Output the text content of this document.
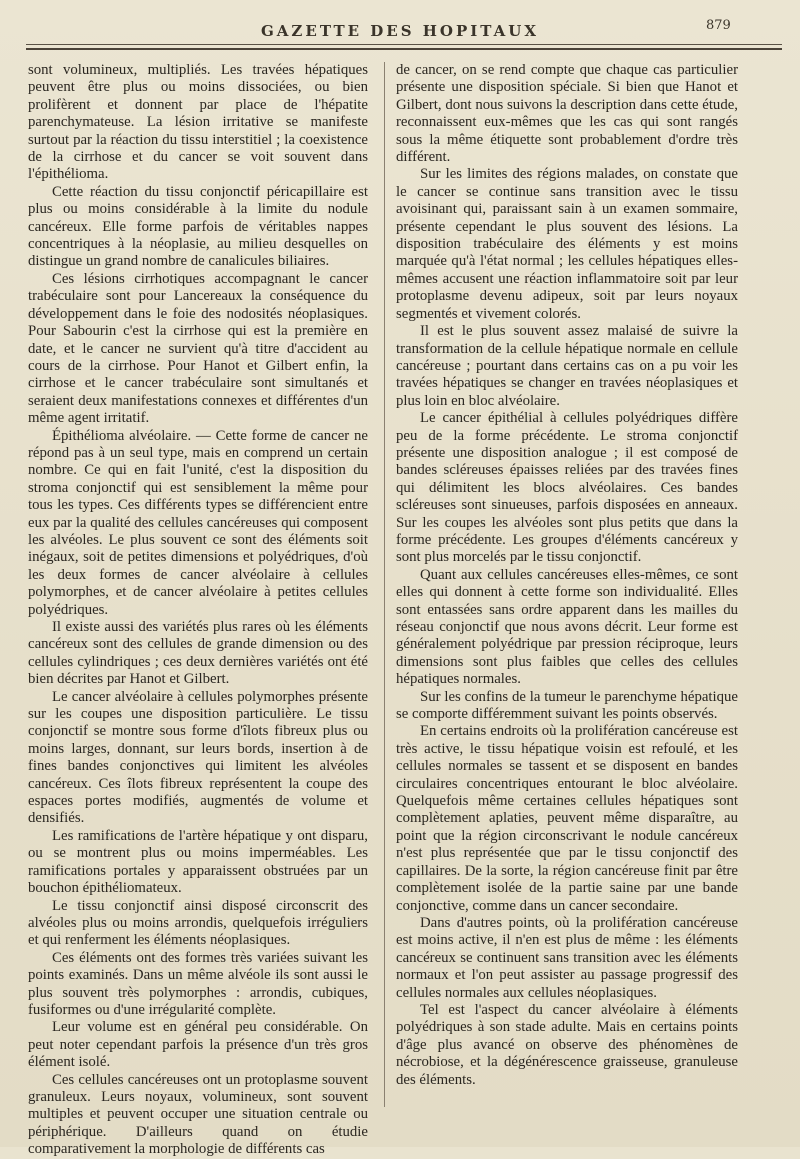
GAZETTE DES HOPITAUX	879

sont volumineux, multipliés. Les travées hépatiques peuvent être plus ou moins dissociées, ou bien prolifèrent et donnent par place de l'hépatite parenchymateuse. La lésion irritative se manifeste surtout par la réaction du tissu interstitiel ; la coexistence de la cirrhose et du cancer se voit souvent dans l'épithélioma.

Cette réaction du tissu conjonctif péricapillaire est plus ou moins considérable à la limite du nodule cancéreux. Elle forme parfois de véritables nappes concentriques à la néoplasie, au milieu desquelles on distingue un grand nombre de canalicules biliaires.

Ces lésions cirrhotiques accompagnant le cancer trabéculaire sont pour Lancereaux la conséquence du développement dans le foie des nodosités néoplasiques. Pour Sabourin c'est la cirrhose qui est la première en date, et le cancer ne survient qu'à titre d'accident au cours de la cirrhose. Pour Hanot et Gilbert enfin, la cirrhose et le cancer trabéculaire sont simultanés et seraient deux manifestations connexes et différentes d'un même agent irritatif.

Épithélioma alvéolaire. — Cette forme de cancer ne répond pas à un seul type, mais en comprend un certain nombre. Ce qui en fait l'unité, c'est la disposition du stroma conjonctif qui est sensiblement la même pour tous les types. Ces différents types se différencient entre eux par la qualité des cellules cancéreuses qui composent les alvéoles. Le plus souvent ce sont des éléments soit inégaux, soit de petites dimensions et polyédriques, d'où les deux formes de cancer alvéolaire à cellules polymorphes, et de cancer alvéolaire à petites cellules polyédriques.

Il existe aussi des variétés plus rares où les éléments cancéreux sont des cellules de grande dimension ou des cellules cylindriques ; ces deux dernières variétés ont été bien décrites par Hanot et Gilbert.

Le cancer alvéolaire à cellules polymorphes présente sur les coupes une disposition particulière. Le tissu conjonctif se montre sous forme d'îlots fibreux plus ou moins larges, donnant, sur leurs bords, insertion à de fines bandes conjonctives qui limitent les alvéoles cancéreux. Ces îlots fibreux représentent la coupe des espaces portes modifiés, augmentés de volume et densifiés.

Les ramifications de l'artère hépatique y ont disparu, ou se montrent plus ou moins imperméables. Les ramifications portales y apparaissent obstruées par un bouchon épithéliomateux.

Le tissu conjonctif ainsi disposé circonscrit des alvéoles plus ou moins arrondis, quelquefois irréguliers et qui renferment les éléments néoplasiques.

Ces éléments ont des formes très variées suivant les points examinés. Dans un même alvéole ils sont aussi le plus souvent très polymorphes : arrondis, cubiques, fusiformes ou d'une irrégularité complète.

Leur volume est en général peu considérable. On peut noter cependant parfois la présence d'un très gros élément isolé.

Ces cellules cancéreuses ont un protoplasme souvent granuleux. Leurs noyaux, volumineux, sont souvent multiples et peuvent occuper une situation centrale ou périphérique. D'ailleurs quand on étudie comparativement la morphologie de différents cas

de cancer, on se rend compte que chaque cas particulier présente une disposition spéciale. Si bien que Hanot et Gilbert, dont nous suivons la description dans cette étude, reconnaissent eux-mêmes que les cas qui sont rangés sous la même étiquette sont probablement d'ordre très différent.

Sur les limites des régions malades, on constate que le cancer se continue sans transition avec le tissu avoisinant qui, paraissant sain à un examen sommaire, présente cependant le plus souvent des lésions. La disposition trabéculaire des éléments y est moins marquée qu'à l'état normal ; les cellules hépatiques elles-mêmes accusent une réaction inflammatoire soit par leur protoplasme devenu adipeux, soit par leurs noyaux segmentés et vivement colorés.

Il est le plus souvent assez malaisé de suivre la transformation de la cellule hépatique normale en cellule cancéreuse ; pourtant dans certains cas on a pu voir les travées hépatiques se changer en travées néoplasiques et plus loin en bloc alvéolaire.

Le cancer épithélial à cellules polyédriques diffère peu de la forme précédente. Le stroma conjonctif présente une disposition analogue ; il est composé de bandes scléreuses épaisses reliées par des travées fines qui délimitent les blocs alvéolaires. Ces bandes scléreuses sont sinueuses, parfois disposées en anneaux. Sur les coupes les alvéoles sont plus petits que dans la forme précédente. Les groupes d'éléments cancéreux y sont plus morcelés par le tissu conjonctif.

Quant aux cellules cancéreuses elles-mêmes, ce sont elles qui donnent à cette forme son individualité. Elles sont entassées sans ordre apparent dans les mailles du réseau conjonctif que nous avons décrit. Leur forme est généralement polyédrique par pression réciproque, leurs dimensions sont plus faibles que celles des cellules hépatiques normales.

Sur les confins de la tumeur le parenchyme hépatique se comporte différemment suivant les points observés.

En certains endroits où la prolifération cancéreuse est très active, le tissu hépatique voisin est refoulé, et les cellules normales se tassent et se disposent en bandes circulaires concentriques entourant le bloc alvéolaire. Quelquefois même certaines cellules hépatiques sont complètement aplaties, peuvent même disparaître, au point que la région circonscrivant le nodule cancéreux n'est plus représentée que par le tissu conjonctif des capillaires. De la sorte, la région cancéreuse finit par être complètement isolée de la partie saine par une bande conjonctive, comme dans un cancer secondaire.

Dans d'autres points, où la prolifération cancéreuse est moins active, il n'en est plus de même : les éléments cancéreux se continuent sans transition avec les éléments normaux et l'on peut assister au passage progressif des cellules normales aux cellules néoplasiques.

Tel est l'aspect du cancer alvéolaire à éléments polyédriques à son stade adulte. Mais en certains points d'âge plus avancé on observe des phénomènes de nécrobiose, et la dégénérescence graisseuse, granuleuse des éléments.
